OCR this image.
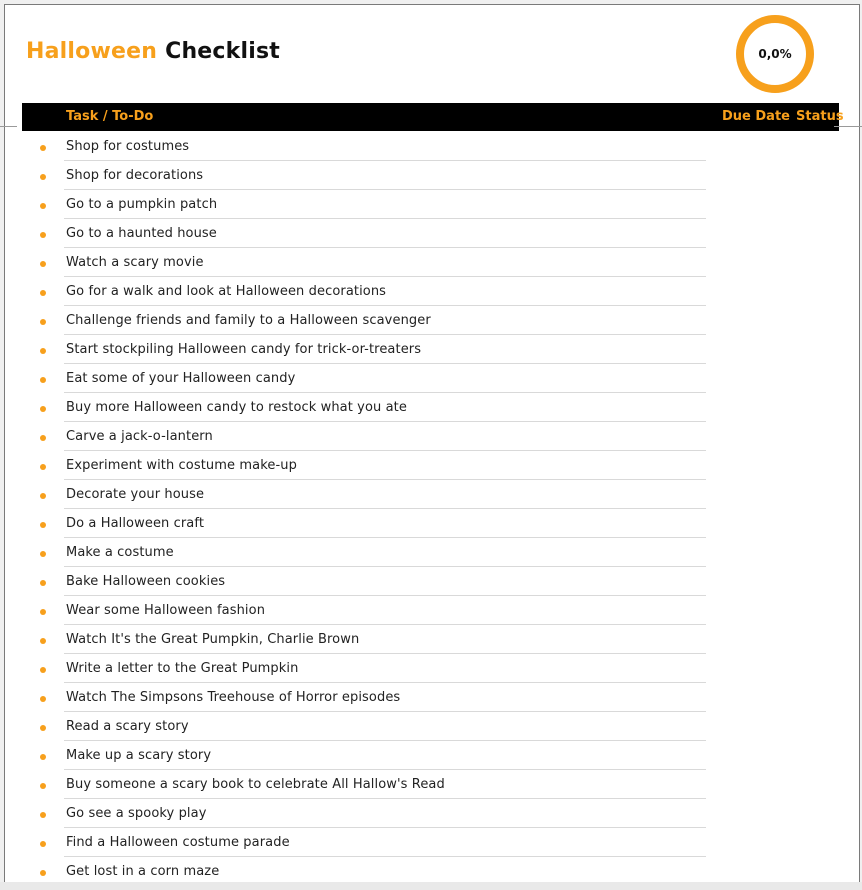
Halloween Checklist	0,0%
Task / To-Do	Due Date Status
Shop for costumes
Shop for decorations
Go to a pumpkin patch
Go to a haunted house
Watch a scary movie
Go for a walk and look at Halloween decorations
Challenge friends and family to a Halloween scavenger
Start stockpiling Halloween candy for trick-or-treaters
Eat some of your Halloween candy
Buy more Halloween candy to restock what you ate
Carve a jack-o-lantern
Experiment with costume make-up
Decorate your house
Do a Halloween craft
Make a costume
Bake Halloween cookies
Wear some Halloween fashion
Watch It's the Great Pumpkin, Charlie Brown
Write a letter to the Great Pumpkin
Watch The Simpsons Treehouse of Horror episodes
Read a scary story
Make up a scary story
Buy someone a scary book to celebrate All Hallow's Read
Go see a spooky play
Find a Halloween costume parade
Get lost in a corn maze
